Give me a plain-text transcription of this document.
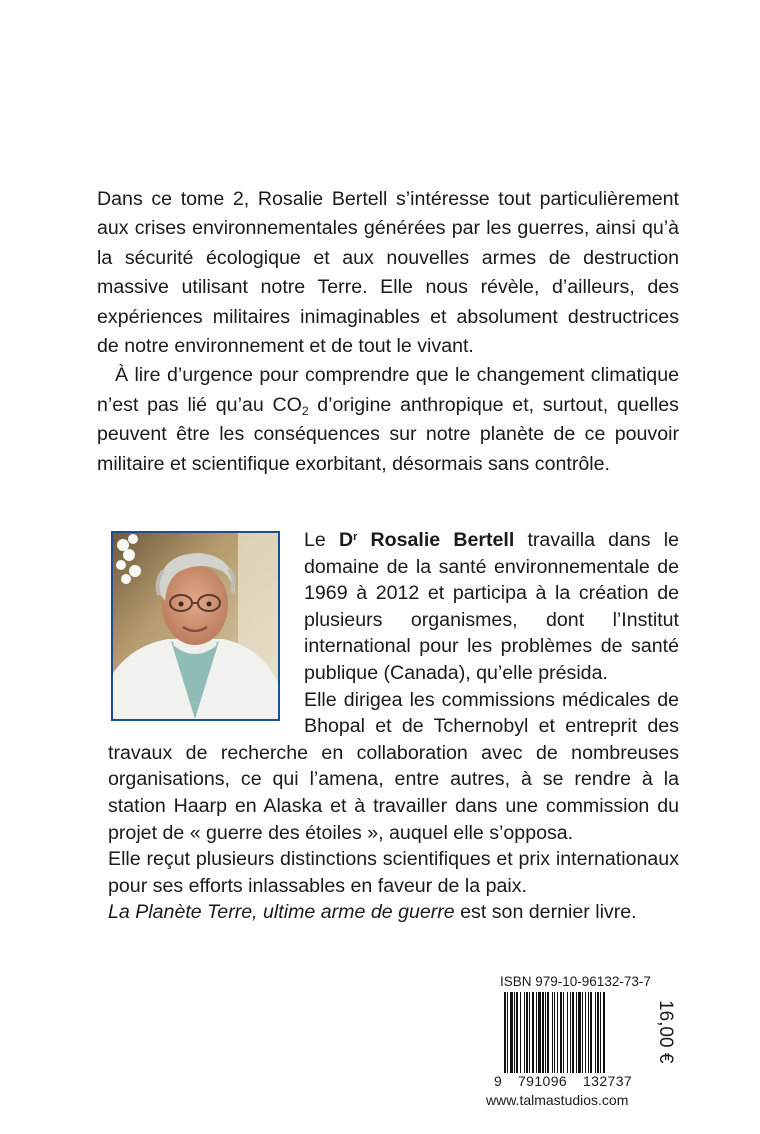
Dans ce tome 2, Rosalie Bertell s’intéresse tout particulièrement aux crises environnementales générées par les guerres, ainsi qu’à la sécurité écologique et aux nouvelles armes de destruction massive utilisant notre Terre. Elle nous révèle, d’ailleurs, des expériences militaires inimaginables et absolument destructrices de notre environnement et de tout le vivant.

À lire d’urgence pour comprendre que le changement climatique n’est pas lié qu’au $CO_2$ d’origine anthropique et, surtout, quelles peuvent être les conséquences sur notre planète de ce pouvoir militaire et scientifique exorbitant, désormais sans contrôle.

Le $D^r$ Rosalie Bertell travailla dans le domaine de la santé environnementale de 1969 à 2012 et participa à la création de plusieurs organismes, dont l’Institut international pour les problèmes de santé publique (Canada), qu’elle présida.

Elle dirigea les commissions médicales de Bhopal et de Tchernobyl et entreprit des travaux de recherche en collaboration avec de nombreuses organisations, ce qui l’amena, entre autres, à se rendre à la station Haarp en Alaska et à travailler dans une commission du projet de « guerre des étoiles », auquel elle s’opposa.

Elle reçut plusieurs distinctions scientifiques et prix internationaux pour ses efforts inlassables en faveur de la paix.

La Planète Terre, ultime arme de guerre est son dernier livre.

ISBN 979-10-96132-73-7
9 791096 132737
16,00 €
www.talmastudios.com
